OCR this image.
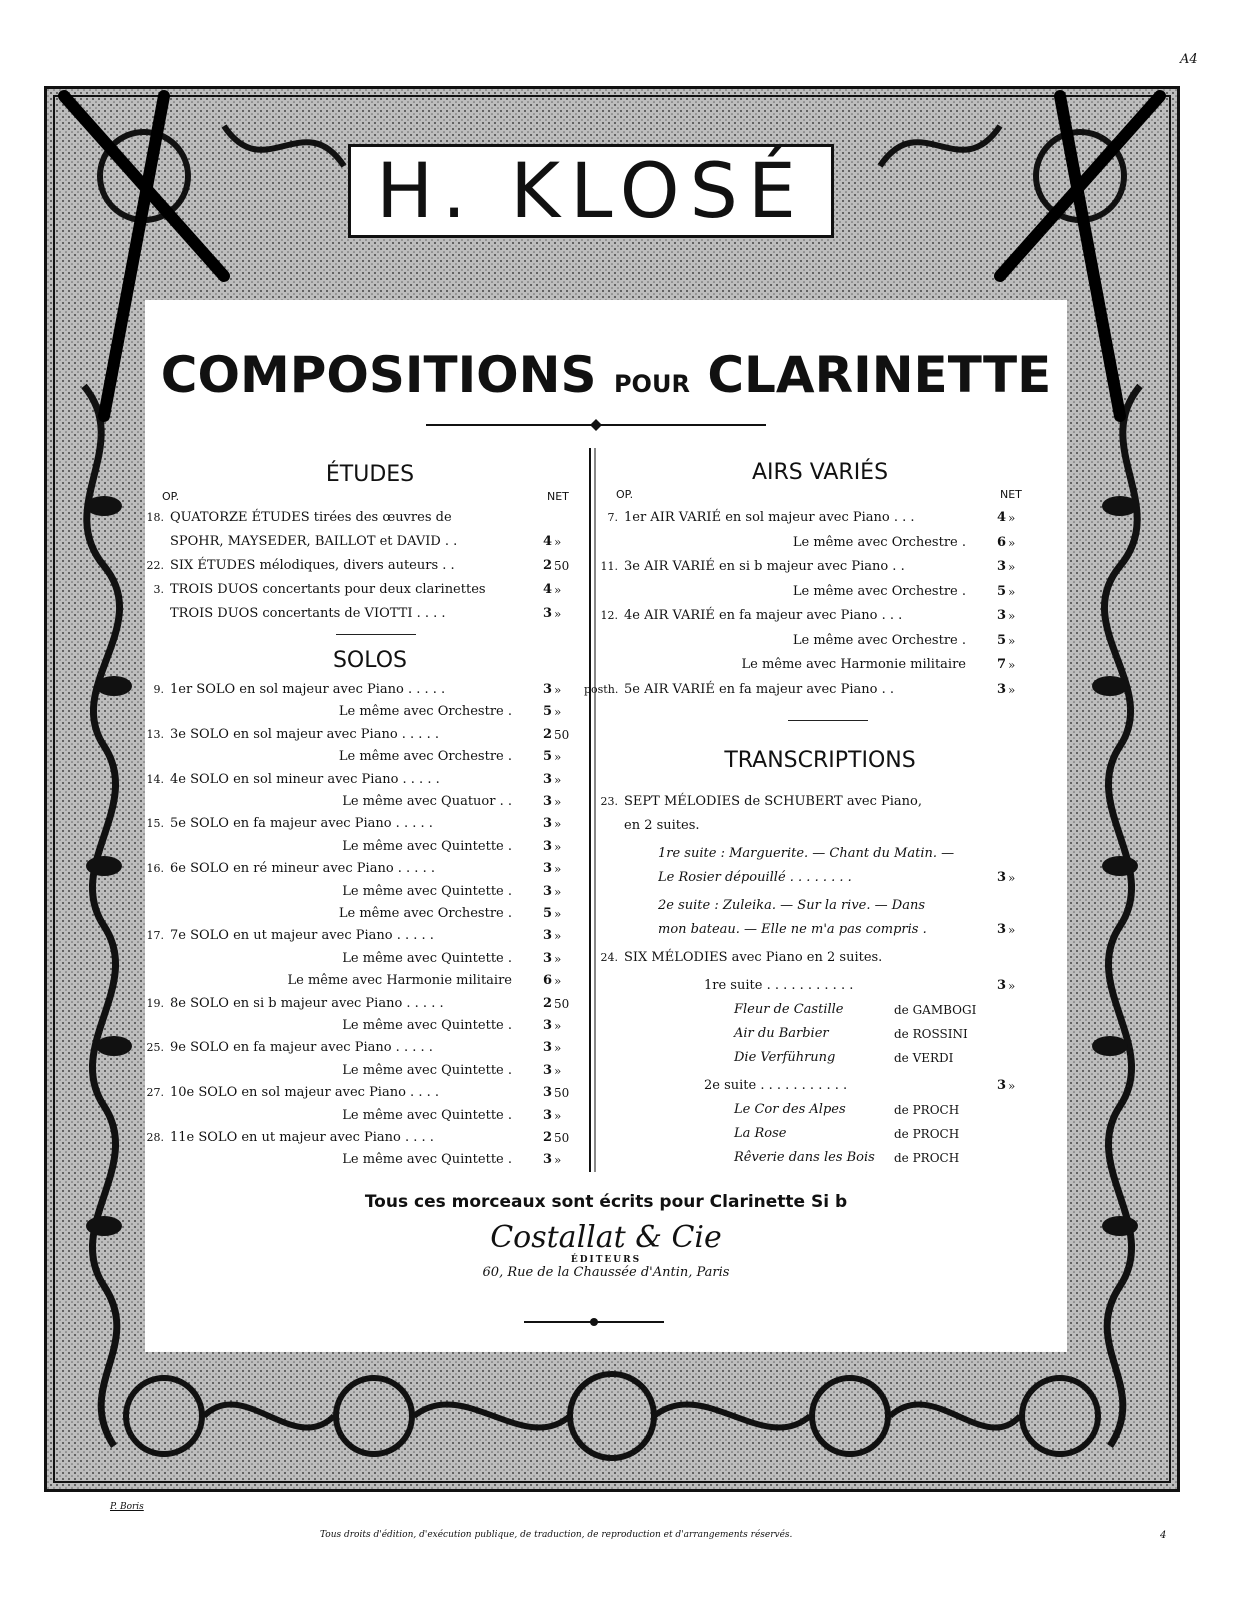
A4
H. KLOSÉ
COMPOSITIONS POUR CLARINETTE
ÉTUDES
OP.	NET
18. QUATORZE ÉTUDES tirées des œuvres de
SPOHR, MAYSEDER, BAILLOT et DAVID . .	4 »
22. SIX ÉTUDES mélodiques, divers auteurs . .	2 50
3. TROIS DUOS concertants pour deux clarinettes	4 »
TROIS DUOS concertants de VIOTTI . . . .	3 »
SOLOS
9. 1er SOLO en sol majeur avec Piano . . . . .	3 »
Le même avec Orchestre .	5 »
13. 3e SOLO en sol majeur avec Piano . . . . .	2 50
Le même avec Orchestre .	5 »
14. 4e SOLO en sol mineur avec Piano . . . . .	3 »
Le même avec Quatuor . .	3 »
15. 5e SOLO en fa majeur avec Piano . . . . .	3 »
Le même avec Quintette .	3 »
16. 6e SOLO en ré mineur avec Piano . . . . .	3 »
Le même avec Quintette .	3 »
Le même avec Orchestre .	5 »
17. 7e SOLO en ut majeur avec Piano . . . . .	3 »
Le même avec Quintette .	3 »
Le même avec Harmonie militaire	6 »
19. 8e SOLO en si b majeur avec Piano . . . . .	2 50
Le même avec Quintette .	3 »
25. 9e SOLO en fa majeur avec Piano . . . . .	3 »
Le même avec Quintette .	3 »
27. 10e SOLO en sol majeur avec Piano . . . .	3 50
Le même avec Quintette .	3 »
28. 11e SOLO en ut majeur avec Piano . . . .	2 50
Le même avec Quintette .	3 »
AIRS VARIÉS
OP.	NET
7. 1er AIR VARIÉ en sol majeur avec Piano . . .	4 »
Le même avec Orchestre .	6 »
11. 3e AIR VARIÉ en si b majeur avec Piano . .	3 »
Le même avec Orchestre .	5 »
12. 4e AIR VARIÉ en fa majeur avec Piano . . .	3 »
Le même avec Orchestre .	5 »
Le même avec Harmonie militaire	7 »
posth. 5e AIR VARIÉ en fa majeur avec Piano . .	3 »
TRANSCRIPTIONS
23. SEPT MÉLODIES de SCHUBERT avec Piano,
en 2 suites.
1re suite : Marguerite. — Chant du Matin. —
Le Rosier dépouillé . . . . . . . .	3 »
2e suite : Zuleika. — Sur la rive. — Dans
mon bateau. — Elle ne m'a pas compris .	3 »
24. SIX MÉLODIES avec Piano en 2 suites.
1re suite . . . . . . . . . . .	3 »
Fleur de Castille	de GAMBOGI
Air du Barbier	de ROSSINI
Die Verführung	de VERDI
2e suite . . . . . . . . . . .	3 »
Le Cor des Alpes	de PROCH
La Rose	de PROCH
Rêverie dans les Bois	de PROCH
Tous ces morceaux sont écrits pour Clarinette Si b
Costallat & Cie
ÉDITEURS
60, Rue de la Chaussée d'Antin, Paris
P. Boris
Tous droits d'édition, d'exécution publique, de traduction, de reproduction et d'arrangements réservés.	4
